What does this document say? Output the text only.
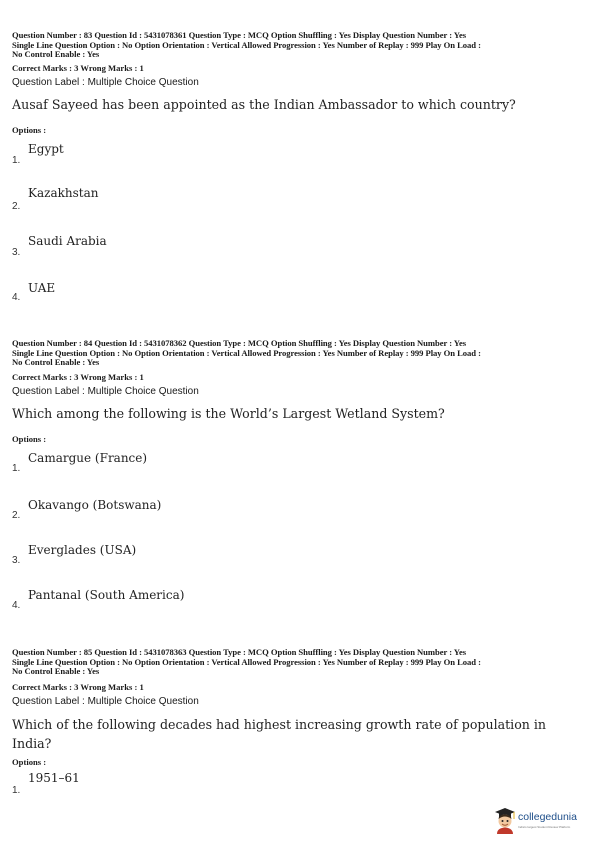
Question Number : 83 Question Id : 5431078361 Question Type : MCQ Option Shuffling : Yes Display Question Number : Yes
Single Line Question Option : No Option Orientation : Vertical Allowed Progression : Yes Number of Replay : 999 Play On Load :
No Control Enable : Yes
Correct Marks : 3 Wrong Marks : 1
Question Label : Multiple Choice Question
Ausaf Sayeed has been appointed as the Indian Ambassador to which country?
Options :
Egypt
1.
Kazakhstan
2.
Saudi Arabia
3.
UAE
4.
Question Number : 84 Question Id : 5431078362 Question Type : MCQ Option Shuffling : Yes Display Question Number : Yes
Single Line Question Option : No Option Orientation : Vertical Allowed Progression : Yes Number of Replay : 999 Play On Load :
No Control Enable : Yes
Correct Marks : 3 Wrong Marks : 1
Question Label : Multiple Choice Question
Which among the following is the World’s Largest Wetland System?
Options :
Camargue (France)
1.
Okavango (Botswana)
2.
Everglades (USA)
3.
Pantanal (South America)
4.
Question Number : 85 Question Id : 5431078363 Question Type : MCQ Option Shuffling : Yes Display Question Number : Yes
Single Line Question Option : No Option Orientation : Vertical Allowed Progression : Yes Number of Replay : 999 Play On Load :
No Control Enable : Yes
Correct Marks : 3 Wrong Marks : 1
Question Label : Multiple Choice Question
Which of the following decades had highest increasing growth rate of population in India?
Options :
1951–61
1.
collegedunia
India's largest Student Review Platform
